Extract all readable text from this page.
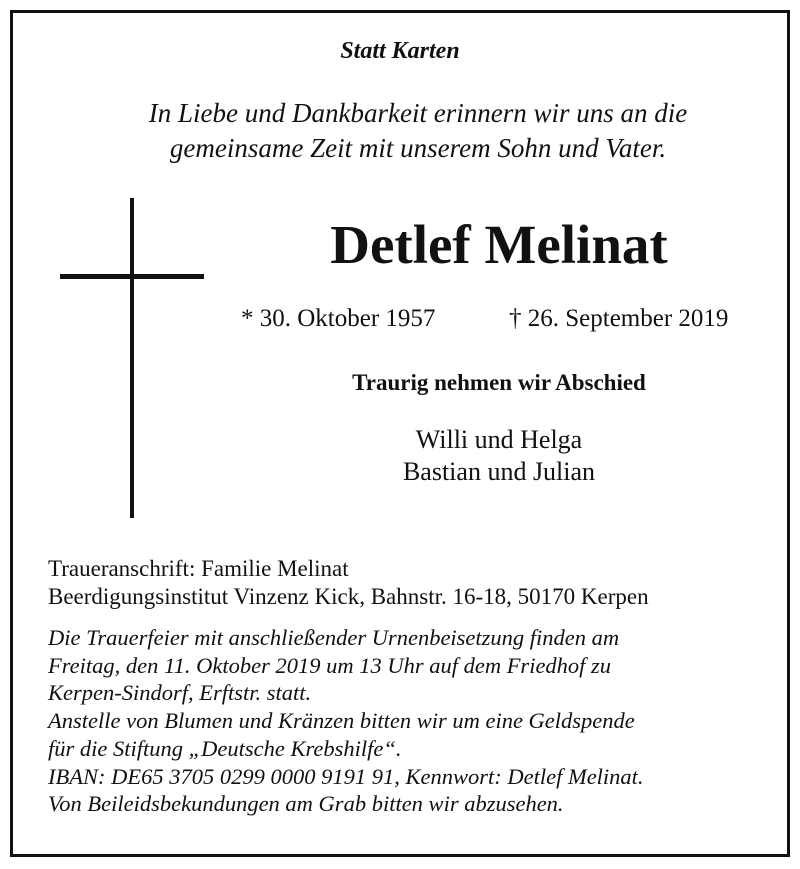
Statt Karten
In Liebe und Dankbarkeit erinnern wir uns an die
gemeinsame Zeit mit unserem Sohn und Vater.
Detlef Melinat
* 30. Oktober 1957	† 26. September 2019
Traurig nehmen wir Abschied
Willi und Helga
Bastian und Julian
Traueranschrift: Familie Melinat
Beerdigungsinstitut Vinzenz Kick, Bahnstr. 16-18, 50170 Kerpen
Die Trauerfeier mit anschließender Urnenbeisetzung finden am
Freitag, den 11. Oktober 2019 um 13 Uhr auf dem Friedhof zu
Kerpen-Sindorf, Erftstr. statt.
Anstelle von Blumen und Kränzen bitten wir um eine Geldspende
für die Stiftung „Deutsche Krebshilfe“.
IBAN: DE65 3705 0299 0000 9191 91, Kennwort: Detlef Melinat.
Von Beileidsbekundungen am Grab bitten wir abzusehen.
